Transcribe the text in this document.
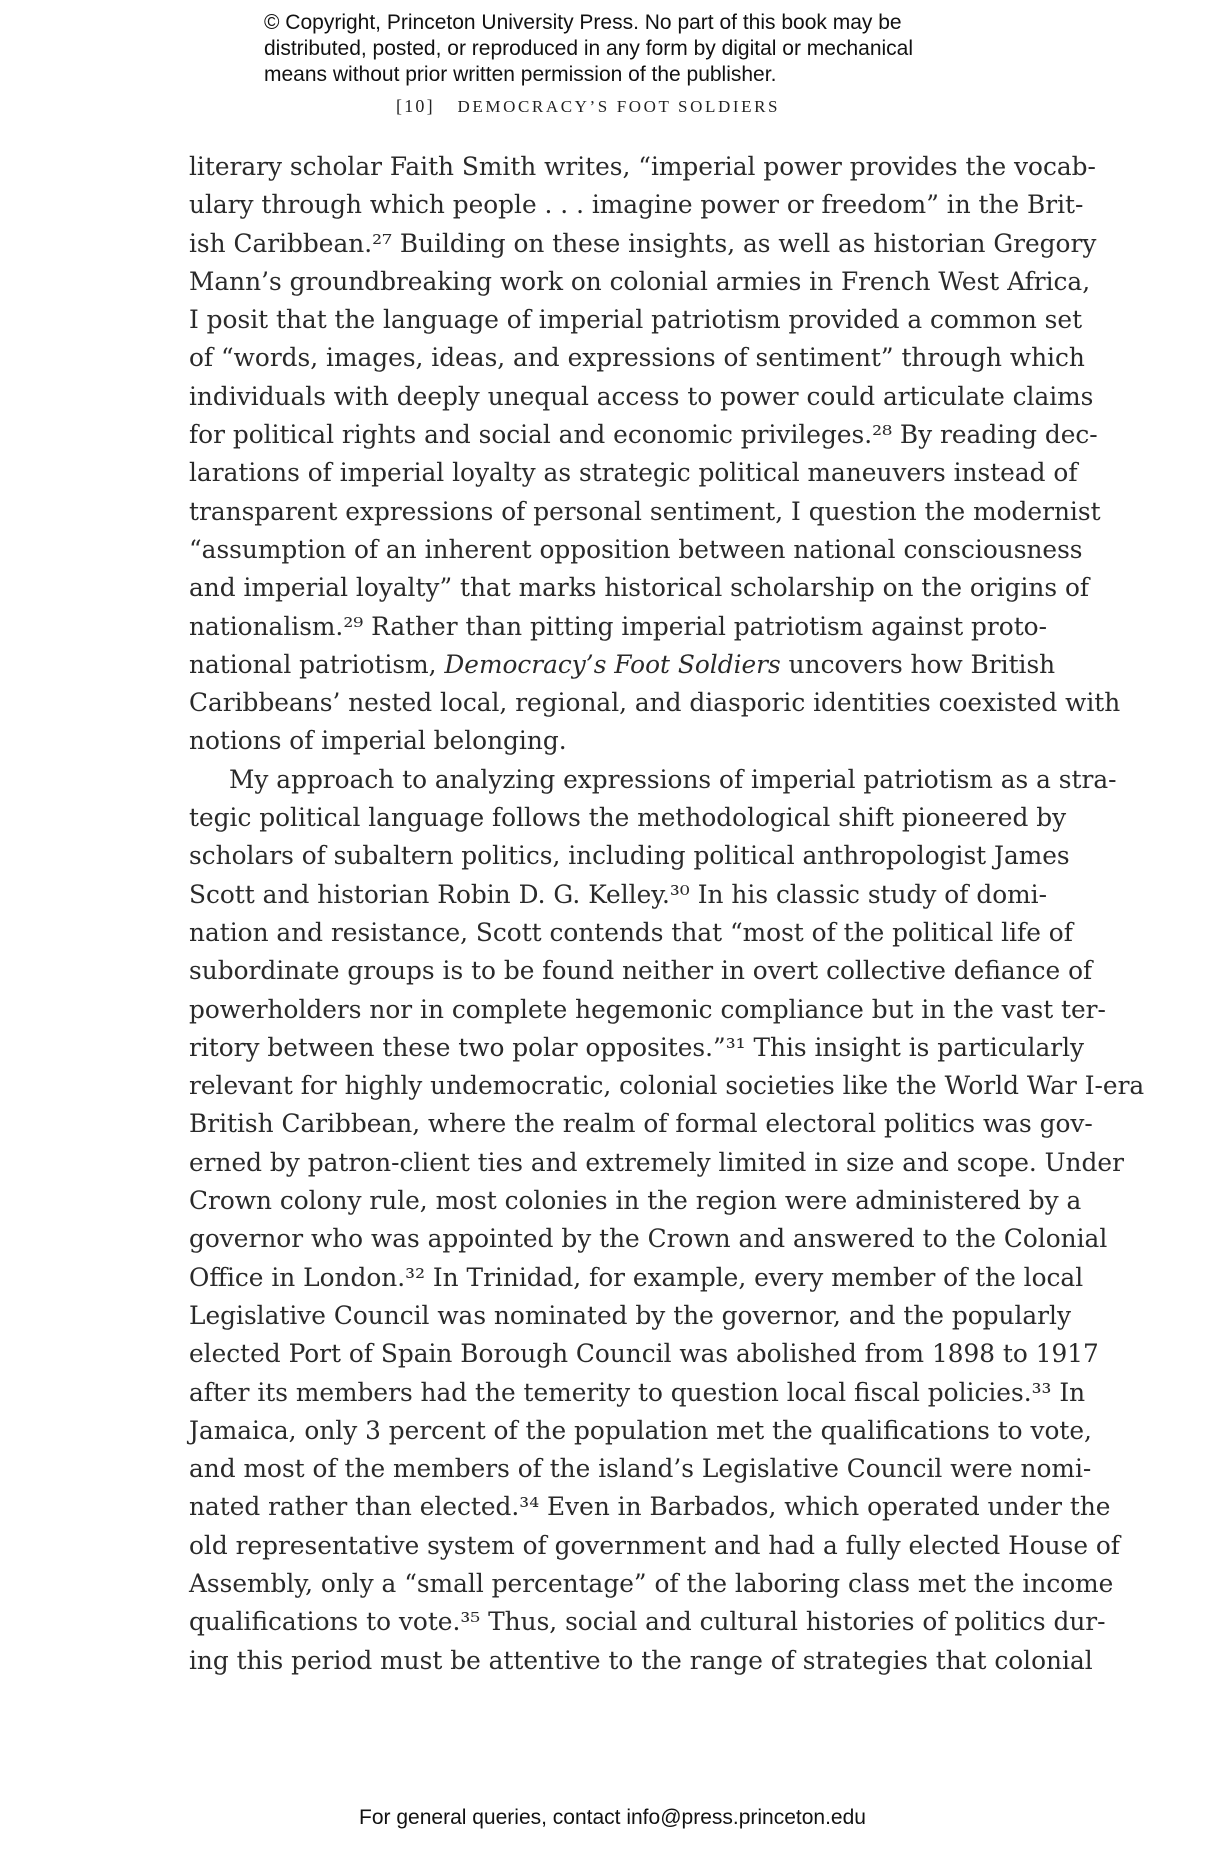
© Copyright, Princeton University Press. No part of this book may be
distributed, posted, or reproduced in any form by digital or mechanical
means without prior written permission of the publisher.
[10] DEMOCRACY’S FOOT SOLDIERS
literary scholar Faith Smith writes, “imperial power provides the vocab-
ulary through which people . . . imagine power or freedom” in the Brit-
ish Caribbean.²⁷ Building on these insights, as well as historian Gregory
Mann’s groundbreaking work on colonial armies in French West Africa,
I posit that the language of imperial patriotism provided a common set
of “words, images, ideas, and expressions of sentiment” through which
individuals with deeply unequal access to power could articulate claims
for political rights and social and economic privileges.²⁸ By reading dec-
larations of imperial loyalty as strategic political maneuvers instead of
transparent expressions of personal sentiment, I question the modernist
“assumption of an inherent opposition between national consciousness
and imperial loyalty” that marks historical scholarship on the origins of
nationalism.²⁹ Rather than pitting imperial patriotism against proto-
national patriotism, Democracy’s Foot Soldiers uncovers how British
Caribbeans’ nested local, regional, and diasporic identities coexisted with
notions of imperial belonging.
My approach to analyzing expressions of imperial patriotism as a stra-
tegic political language follows the methodological shift pioneered by
scholars of subaltern politics, including political anthropologist James
Scott and historian Robin D. G. Kelley.³⁰ In his classic study of domi-
nation and resistance, Scott contends that “most of the political life of
subordinate groups is to be found neither in overt collective defiance of
powerholders nor in complete hegemonic compliance but in the vast ter-
ritory between these two polar opposites.”³¹ This insight is particularly
relevant for highly undemocratic, colonial societies like the World War I-era
British Caribbean, where the realm of formal electoral politics was gov-
erned by patron-client ties and extremely limited in size and scope. Under
Crown colony rule, most colonies in the region were administered by a
governor who was appointed by the Crown and answered to the Colonial
Office in London.³² In Trinidad, for example, every member of the local
Legislative Council was nominated by the governor, and the popularly
elected Port of Spain Borough Council was abolished from 1898 to 1917
after its members had the temerity to question local fiscal policies.³³ In
Jamaica, only 3 percent of the population met the qualifications to vote,
and most of the members of the island’s Legislative Council were nomi-
nated rather than elected.³⁴ Even in Barbados, which operated under the
old representative system of government and had a fully elected House of
Assembly, only a “small percentage” of the laboring class met the income
qualifications to vote.³⁵ Thus, social and cultural histories of politics dur-
ing this period must be attentive to the range of strategies that colonial
For general queries, contact info@press.princeton.edu
